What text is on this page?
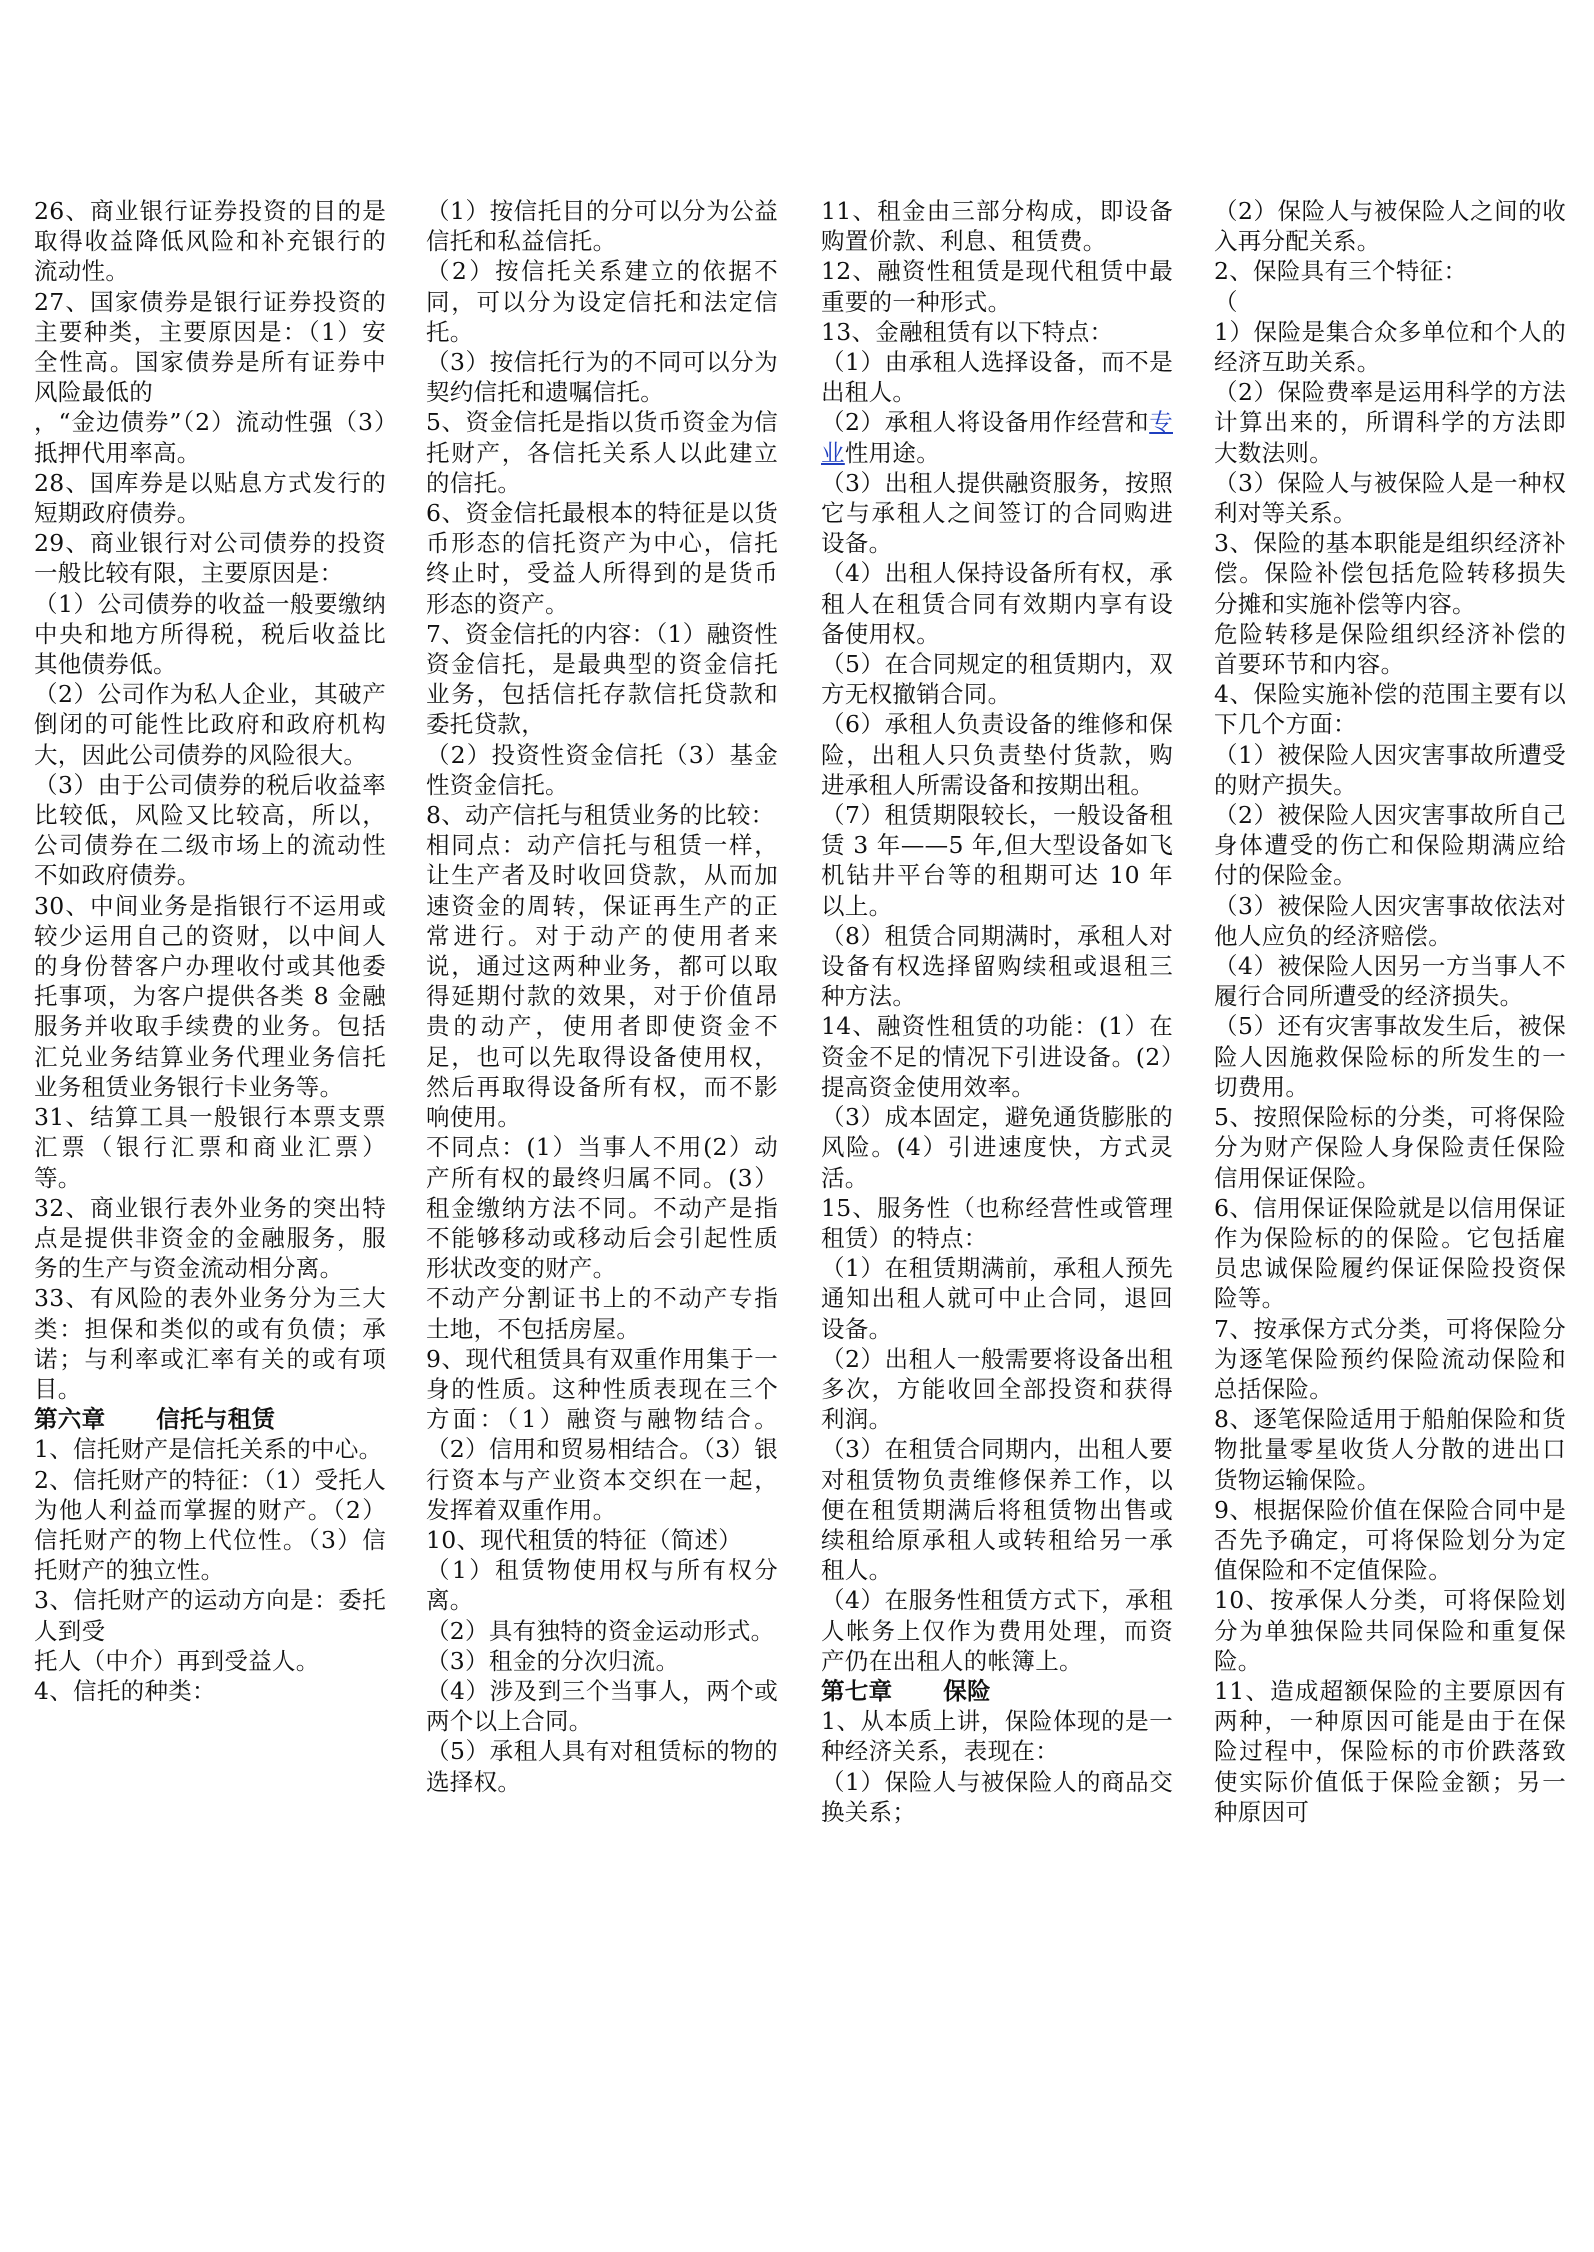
26、商业银行证券投资的目的是取得收益降低风险和补充银行的流动性。

27、国家债券是银行证券投资的主要种类，主要原因是：（1）安全性高。国家债券是所有证券中风险最低的

，“金边债券”（2）流动性强（3）抵押代用率高。

28、国库券是以贴息方式发行的短期政府债券。

29、商业银行对公司债券的投资一般比较有限，主要原因是：

（1）公司债券的收益一般要缴纳中央和地方所得税，税后收益比其他债券低。

（2）公司作为私人企业，其破产倒闭的可能性比政府和政府机构大，因此公司债券的风险很大。

（3）由于公司债券的税后收益率比较低，风险又比较高，所以，公司债券在二级市场上的流动性不如政府债券。

30、中间业务是指银行不运用或较少运用自己的资财，以中间人的身份替客户办理收付或其他委托事项，为客户提供各类 8 金融服务并收取手续费的业务。包括汇兑业务结算业务代理业务信托业务租赁业务银行卡业务等。

31、结算工具一般银行本票支票汇票（银行汇票和商业汇票）等。

32、商业银行表外业务的突出特点是提供非资金的金融服务，服务的生产与资金流动相分离。

33、有风险的表外业务分为三大类：担保和类似的或有负债；承诺；与利率或汇率有关的或有项目。

第六章      信托与租赁

1、信托财产是信托关系的中心。

2、信托财产的特征：（1）受托人为他人利益而掌握的财产。（2）信托财产的物上代位性。（3）信托财产的独立性。

3、信托财产的运动方向是：委托人到受

托人（中介）再到受益人。

4、信托的种类：

（1）按信托目的分可以分为公益信托和私益信托。

（2）按信托关系建立的依据不同，可以分为设定信托和法定信托。

（3）按信托行为的不同可以分为契约信托和遗嘱信托。

5、资金信托是指以货币资金为信托财产，各信托关系人以此建立的信托。

6、资金信托最根本的特征是以货币形态的信托资产为中心，信托终止时，受益人所得到的是货币形态的资产。

7、资金信托的内容：（1）融资性资金信托，是最典型的资金信托业务，包括信托存款信托贷款和委托贷款，

（2）投资性资金信托（3）基金性资金信托。

8、动产信托与租赁业务的比较：

相同点：动产信托与租赁一样，让生产者及时收回贷款，从而加速资金的周转，保证再生产的正常进行。对于动产的使用者来说，通过这两种业务，都可以取得延期付款的效果，对于价值昂贵的动产，使用者即使资金不足，也可以先取得设备使用权，然后再取得设备所有权，而不影响使用。

不同点：(1）当事人不用(2）动产所有权的最终归属不同。(3）租金缴纳方法不同。不动产是指不能够移动或移动后会引起性质形状改变的财产。

不动产分割证书上的不动产专指土地，不包括房屋。

9、现代租赁具有双重作用集于一身的性质。这种性质表现在三个方面：（1）融资与融物结合。（2）信用和贸易相结合。（3）银行资本与产业资本交织在一起，发挥着双重作用。

10、现代租赁的特征（简述）

（1）租赁物使用权与所有权分离。

（2）具有独特的资金运动形式。

（3）租金的分次归流。

（4）涉及到三个当事人，两个或两个以上合同。

（5）承租人具有对租赁标的物的选择权。

11、租金由三部分构成，即设备购置价款、利息、租赁费。

12、融资性租赁是现代租赁中最重要的一种形式。

13、金融租赁有以下特点：

（1）由承租人选择设备，而不是出租人。

（2）承租人将设备用作经营和专业性用途。

（3）出租人提供融资服务，按照它与承租人之间签订的合同购进设备。

（4）出租人保持设备所有权，承租人在租赁合同有效期内享有设备使用权。

（5）在合同规定的租赁期内，双方无权撤销合同。

（6）承租人负责设备的维修和保险，出租人只负责垫付货款，购进承租人所需设备和按期出租。

（7）租赁期限较长，一般设备租赁 3 年——5 年,但大型设备如飞机钻井平台等的租期可达 10 年以上。

（8）租赁合同期满时，承租人对设备有权选择留购续租或退租三种方法。

14、融资性租赁的功能：(1）在资金不足的情况下引进设备。(2）提高资金使用效率。

（3）成本固定，避免通货膨胀的风险。(4）引进速度快，方式灵活。

15、服务性（也称经营性或管理租赁）的特点：

（1）在租赁期满前，承租人预先通知出租人就可中止合同，退回设备。

（2）出租人一般需要将设备出租多次，方能收回全部投资和获得利润。

（3）在租赁合同期内，出租人要对租赁物负责维修保养工作，以便在租赁期满后将租赁物出售或续租给原承租人或转租给另一承租人。

（4）在服务性租赁方式下，承租人帐务上仅作为费用处理，而资产仍在出租人的帐簿上。

第七章      保险

1、从本质上讲，保险体现的是一种经济关系，表现在：

（1）保险人与被保险人的商品交换关系；

（2）保险人与被保险人之间的收入再分配关系。

2、保险具有三个特征：

（

1）保险是集合众多单位和个人的经济互助关系。

（2）保险费率是运用科学的方法计算出来的，所谓科学的方法即大数法则。

（3）保险人与被保险人是一种权利对等关系。

3、保险的基本职能是组织经济补偿。保险补偿包括危险转移损失分摊和实施补偿等内容。

危险转移是保险组织经济补偿的首要环节和内容。

4、保险实施补偿的范围主要有以下几个方面：

（1）被保险人因灾害事故所遭受的财产损失。

（2）被保险人因灾害事故所自己身体遭受的伤亡和保险期满应给付的保险金。

（3）被保险人因灾害事故依法对他人应负的经济赔偿。

（4）被保险人因另一方当事人不履行合同所遭受的经济损失。

（5）还有灾害事故发生后，被保险人因施救保险标的所发生的一切费用。

5、按照保险标的分类，可将保险分为财产保险人身保险责任保险信用保证保险。

6、信用保证保险就是以信用保证作为保险标的的保险。它包括雇员忠诚保险履约保证保险投资保险等。

7、按承保方式分类，可将保险分为逐笔保险预约保险流动保险和总括保险。

8、逐笔保险适用于船舶保险和货物批量零星收货人分散的进出口货物运输保险。

9、根据保险价值在保险合同中是否先予确定，可将保险划分为定值保险和不定值保险。

10、按承保人分类，可将保险划分为单独保险共同保险和重复保险。

11、造成超额保险的主要原因有两种，一种原因可能是由于在保险过程中，保险标的市价跌落致使实际价值低于保险金额；另一种原因可
